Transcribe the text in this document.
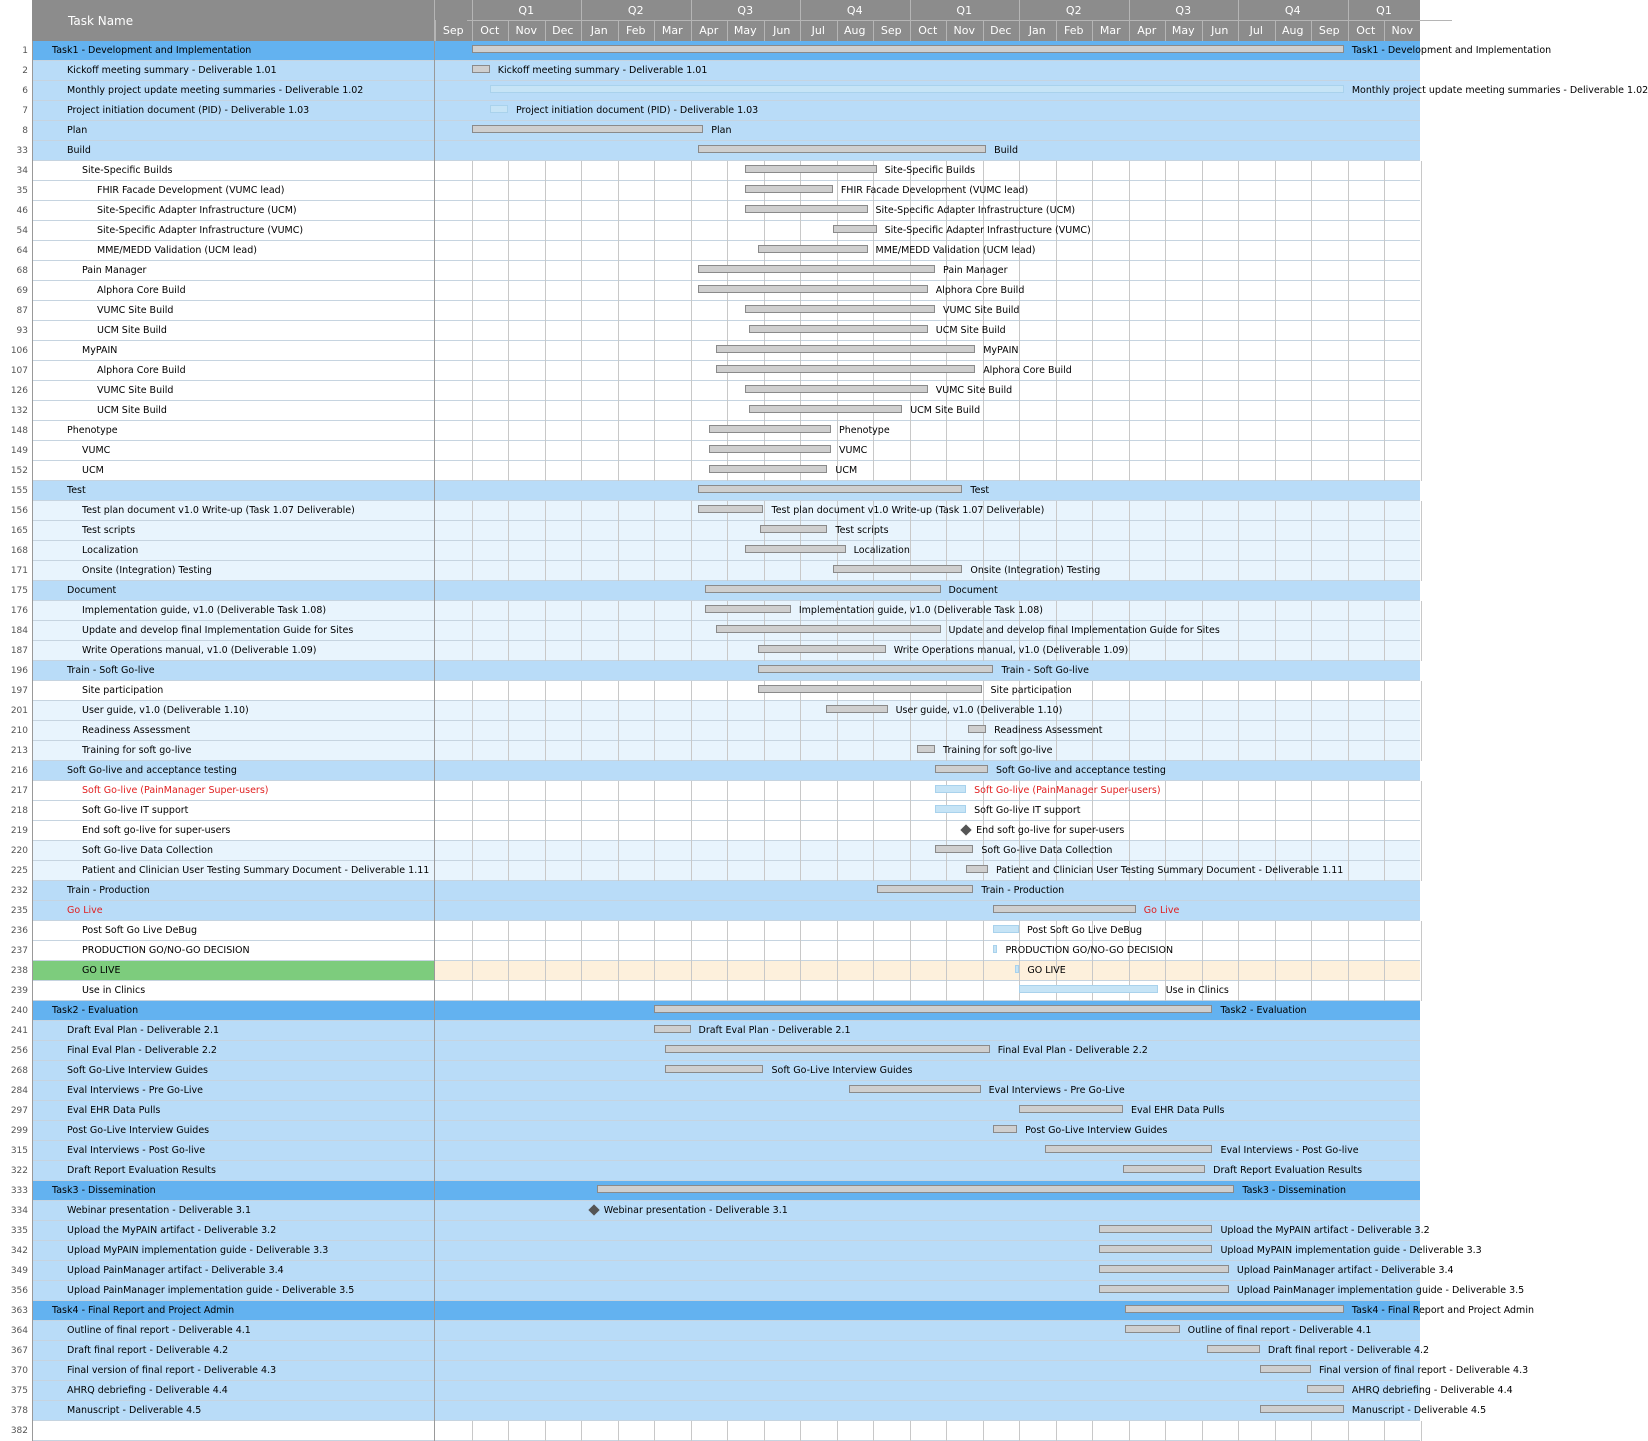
Task Name
Sep	Oct	Nov	Dec	Jan	Feb	Mar	Apr	May	Jun	Jul	Aug	Sep	Oct	Nov	Dec	Jan	Feb	Mar	Apr	May	Jun	Jul	Aug	Sep	Oct	Nov
Q1	Q2	Q3	Q4	Q1	Q2	Q3	Q4	Q1
1	Task1 - Development and Implementation	Task1 - Development and Implementation
2	Kickoff meeting summary - Deliverable 1.01	Kickoff meeting summary - Deliverable 1.01
6	Monthly project update meeting summaries - Deliverable 1.02	Monthly project update meeting summaries - Deliverable 1.02
7	Project initiation document (PID) - Deliverable 1.03	Project initiation document (PID) - Deliverable 1.03
8	Plan	Plan
33	Build	Build
34	Site-Specific Builds	Site-Specific Builds
35	FHIR Facade Development (VUMC lead)	FHIR Facade Development (VUMC lead)
46	Site-Specific Adapter Infrastructure (UCM)	Site-Specific Adapter Infrastructure (UCM)
54	Site-Specific Adapter Infrastructure (VUMC)	Site-Specific Adapter Infrastructure (VUMC)
64	MME/MEDD Validation (UCM lead)	MME/MEDD Validation (UCM lead)
68	Pain Manager	Pain Manager
69	Alphora Core Build	Alphora Core Build
87	VUMC Site Build	VUMC Site Build
93	UCM Site Build	UCM Site Build
106	MyPAIN	MyPAIN
107	Alphora Core Build	Alphora Core Build
126	VUMC Site Build	VUMC Site Build
132	UCM Site Build	UCM Site Build
148	Phenotype	Phenotype
149	VUMC	VUMC
152	UCM	UCM
155	Test	Test
156	Test plan document v1.0 Write-up (Task 1.07 Deliverable)	Test plan document v1.0 Write-up (Task 1.07 Deliverable)
165	Test scripts	Test scripts
168	Localization	Localization
171	Onsite (Integration) Testing	Onsite (Integration) Testing
175	Document	Document
176	Implementation guide, v1.0 (Deliverable Task 1.08)	Implementation guide, v1.0 (Deliverable Task 1.08)
184	Update and develop final Implementation Guide for Sites	Update and develop final Implementation Guide for Sites
187	Write Operations manual, v1.0 (Deliverable 1.09)	Write Operations manual, v1.0 (Deliverable 1.09)
196	Train - Soft Go-live	Train - Soft Go-live
197	Site participation	Site participation
201	User guide, v1.0 (Deliverable 1.10)	User guide, v1.0 (Deliverable 1.10)
210	Readiness Assessment	Readiness Assessment
213	Training for soft go-live	Training for soft go-live
216	Soft Go-live and acceptance testing	Soft Go-live and acceptance testing
217	Soft Go-live (PainManager Super-users)	Soft Go-live (PainManager Super-users)
218	Soft Go-live IT support	Soft Go-live IT support
219	End soft go-live for super-users	End soft go-live for super-users
220	Soft Go-live Data Collection	Soft Go-live Data Collection
225	Patient and Clinician User Testing Summary Document - Deliverable 1.11	Patient and Clinician User Testing Summary Document - Deliverable 1.11
232	Train - Production	Train - Production
235	Go Live	Go Live
236	Post Soft Go Live DeBug	Post Soft Go Live DeBug
237	PRODUCTION GO/NO-GO DECISION	PRODUCTION GO/NO-GO DECISION
238	GO LIVE	GO LIVE
239	Use in Clinics	Use in Clinics
240	Task2 - Evaluation	Task2 - Evaluation
241	Draft Eval Plan - Deliverable 2.1	Draft Eval Plan - Deliverable 2.1
256	Final Eval Plan - Deliverable 2.2	Final Eval Plan - Deliverable 2.2
268	Soft Go-Live Interview Guides	Soft Go-Live Interview Guides
284	Eval Interviews - Pre Go-Live	Eval Interviews - Pre Go-Live
297	Eval EHR Data Pulls	Eval EHR Data Pulls
299	Post Go-Live Interview Guides	Post Go-Live Interview Guides
315	Eval Interviews - Post Go-live	Eval Interviews - Post Go-live
322	Draft Report Evaluation Results	Draft Report Evaluation Results
333	Task3 - Dissemination	Task3 - Dissemination
334	Webinar presentation - Deliverable 3.1	Webinar presentation - Deliverable 3.1
335	Upload the MyPAIN artifact - Deliverable 3.2	Upload the MyPAIN artifact - Deliverable 3.2
342	Upload MyPAIN implementation guide - Deliverable 3.3	Upload MyPAIN implementation guide - Deliverable 3.3
349	Upload PainManager artifact - Deliverable 3.4	Upload PainManager artifact - Deliverable 3.4
356	Upload PainManager implementation guide - Deliverable 3.5	Upload PainManager implementation guide - Deliverable 3.5
363	Task4 - Final Report and Project Admin	Task4 - Final Report and Project Admin
364	Outline of final report - Deliverable 4.1	Outline of final report - Deliverable 4.1
367	Draft final report - Deliverable 4.2	Draft final report - Deliverable 4.2
370	Final version of final report - Deliverable 4.3	Final version of final report - Deliverable 4.3
375	AHRQ debriefing - Deliverable 4.4	AHRQ debriefing - Deliverable 4.4
378	Manuscript - Deliverable 4.5	Manuscript - Deliverable 4.5
382
